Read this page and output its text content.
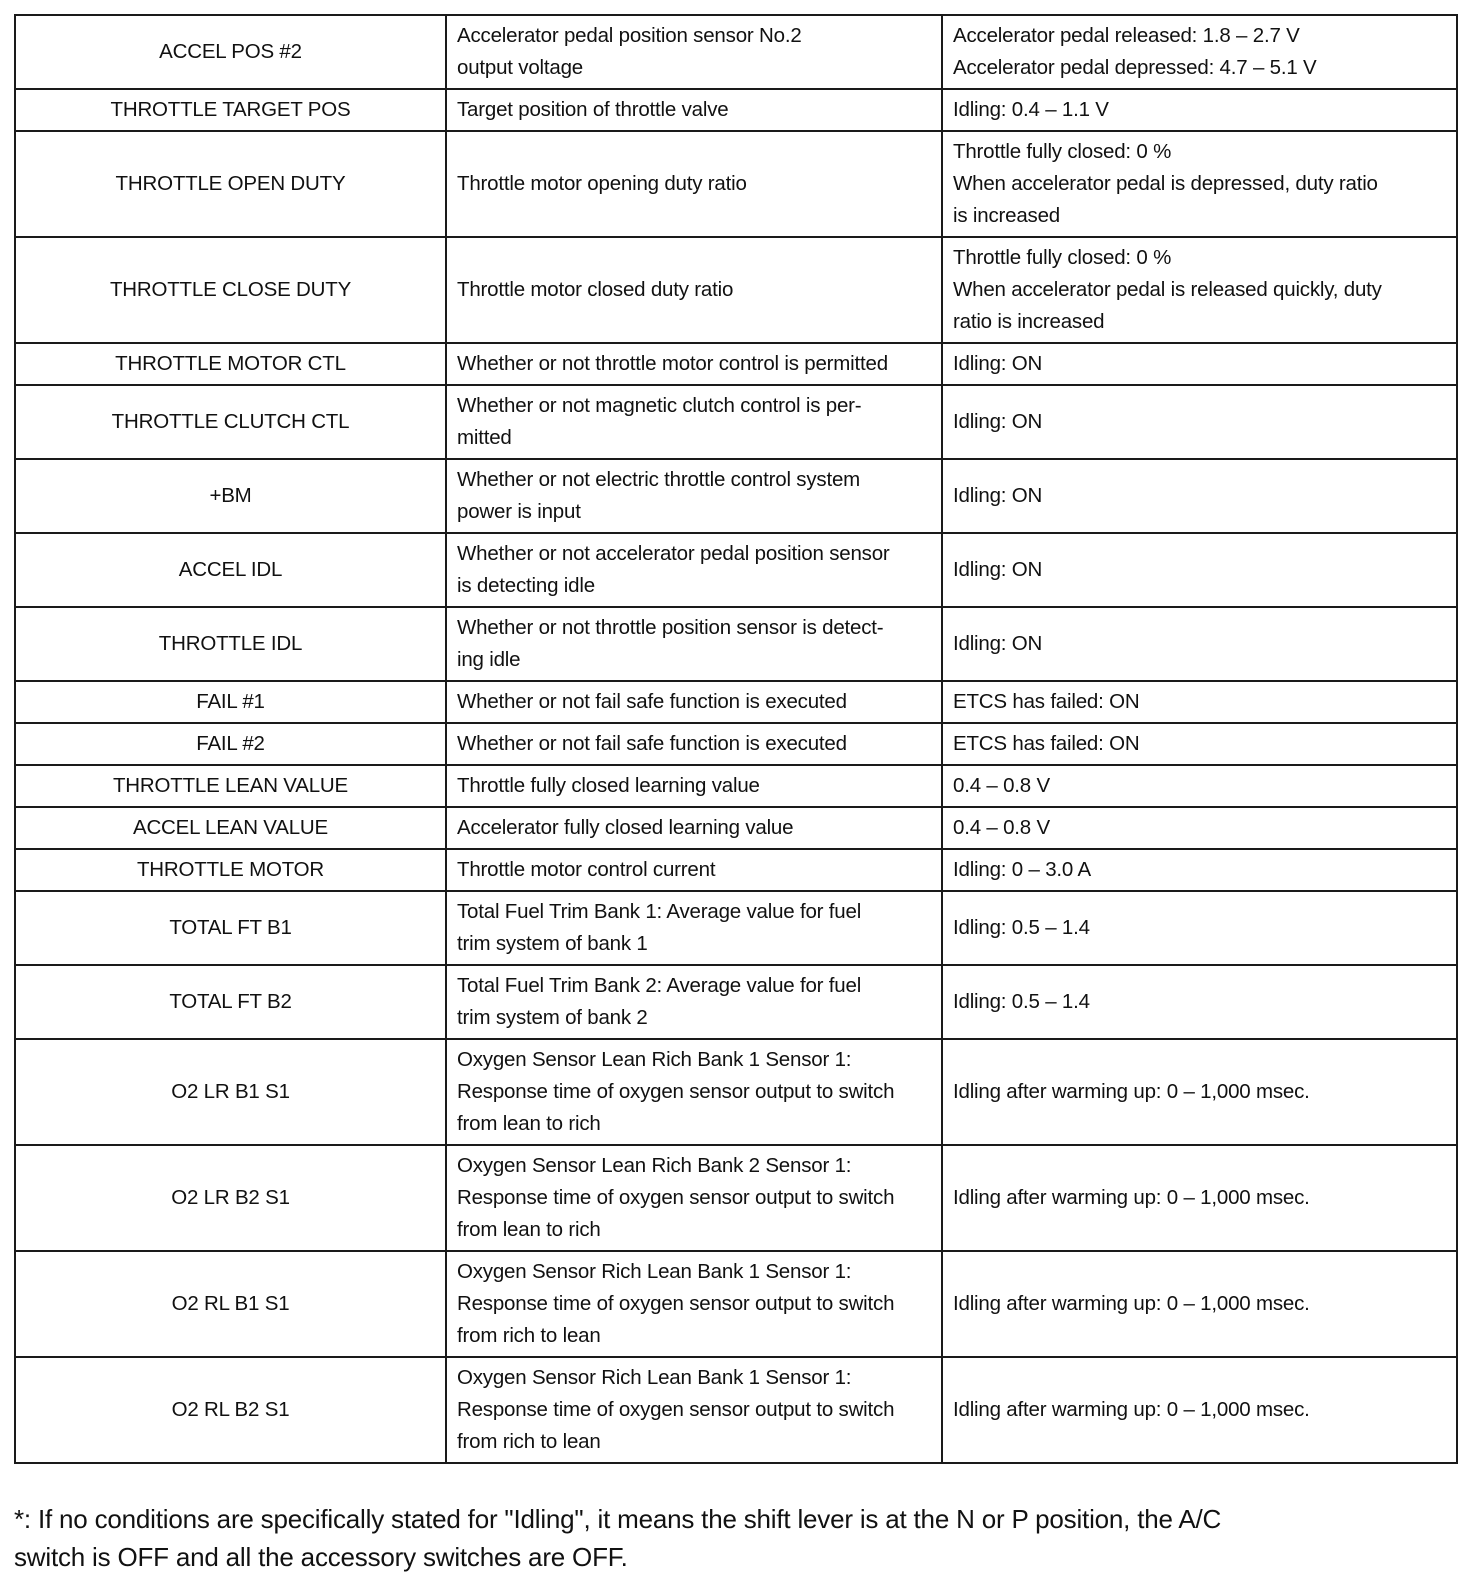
ACCEL POS #2	Accelerator pedal position sensor No.2
output voltage	Accelerator pedal released: 1.8 – 2.7 V
Accelerator pedal depressed: 4.7 – 5.1 V

THROTTLE TARGET POS	Target position of throttle valve	Idling: 0.4 – 1.1 V

THROTTLE OPEN DUTY	Throttle motor opening duty ratio	Throttle fully closed: 0 %
When accelerator pedal is depressed, duty ratio
is increased

THROTTLE CLOSE DUTY	Throttle motor closed duty ratio	Throttle fully closed: 0 %
When accelerator pedal is released quickly, duty
ratio is increased

THROTTLE MOTOR CTL	Whether or not throttle motor control is permitted	Idling: ON

THROTTLE CLUTCH CTL	Whether or not magnetic clutch control is per-
mitted	Idling: ON

+BM	Whether or not electric throttle control system
power is input	Idling: ON

ACCEL IDL	Whether or not accelerator pedal position sensor
is detecting idle	Idling: ON

THROTTLE IDL	Whether or not throttle position sensor is detect-
ing idle	Idling: ON

FAIL #1	Whether or not fail safe function is executed	ETCS has failed: ON

FAIL #2	Whether or not fail safe function is executed	ETCS has failed: ON

THROTTLE LEAN VALUE	Throttle fully closed learning value	0.4 – 0.8 V

ACCEL LEAN VALUE	Accelerator fully closed learning value	0.4 – 0.8 V

THROTTLE MOTOR	Throttle motor control current	Idling: 0 – 3.0 A

TOTAL FT B1	Total Fuel Trim Bank 1: Average value for fuel
trim system of bank 1	Idling: 0.5 – 1.4

TOTAL FT B2	Total Fuel Trim Bank 2: Average value for fuel
trim system of bank 2	Idling: 0.5 – 1.4

O2 LR B1 S1	Oxygen Sensor Lean Rich Bank 1 Sensor 1:
Response time of oxygen sensor output to switch
from lean to rich	Idling after warming up: 0 – 1,000 msec.

O2 LR B2 S1	Oxygen Sensor Lean Rich Bank 2 Sensor 1:
Response time of oxygen sensor output to switch
from lean to rich	Idling after warming up: 0 – 1,000 msec.

O2 RL B1 S1	Oxygen Sensor Rich Lean Bank 1 Sensor 1:
Response time of oxygen sensor output to switch
from rich to lean	Idling after warming up: 0 – 1,000 msec.

O2 RL B2 S1	Oxygen Sensor Rich Lean Bank 1 Sensor 1:
Response time of oxygen sensor output to switch
from rich to lean	Idling after warming up: 0 – 1,000 msec.
*: If no conditions are specifically stated for "Idling", it means the shift lever is at the N or P position, the A/C
switch is OFF and all the accessory switches are OFF.
